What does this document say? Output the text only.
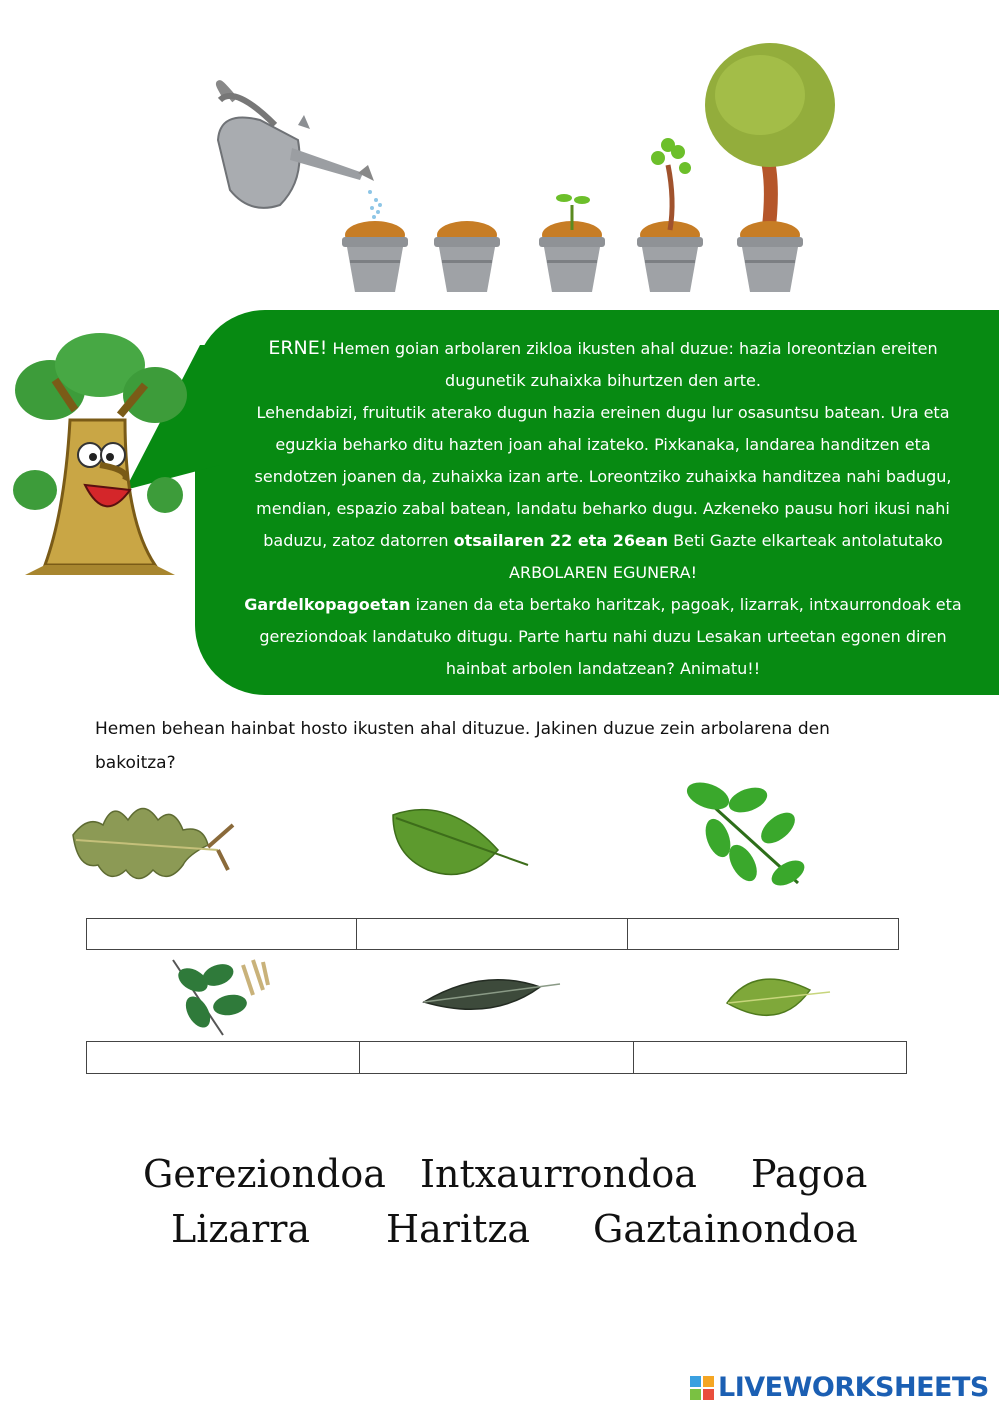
ERNE! Hemen goian arbolaren zikloa ikusten ahal duzue: hazia loreontzian ereiten dugunetik zuhaixka bihurtzen den arte.
Lehendabizi, fruitutik aterako dugun hazia ereinen dugu lur osasuntsu batean. Ura eta eguzkia beharko ditu hazten joan ahal izateko. Pixkanaka, landarea handitzen eta sendotzen joanen da, zuhaixka izan arte. Loreontziko zuhaixka handitzea nahi badugu, mendian, espazio zabal batean, landatu beharko dugu. Azkeneko pausu hori ikusi nahi baduzu, zatoz datorren otsailaren 22 eta 26ean Beti Gazte elkarteak antolatutako ARBOLAREN EGUNERA!
Gardelkopagoetan izanen da eta bertako haritzak, pagoak, lizarrak, intxaurrondoak eta gereziondoak landatuko ditugu. Parte hartu nahi duzu Lesakan urteetan egonen diren hainbat arbolen landatzean? Animatu!!
Hemen behean hainbat hosto ikusten ahal dituzue. Jakinen duzue zein arbolarena den bakoitza?
Gereziondoa Intxaurrondoa Pagoa
Lizarra Haritza Gaztainondoa
LIVEWORKSHEETS
